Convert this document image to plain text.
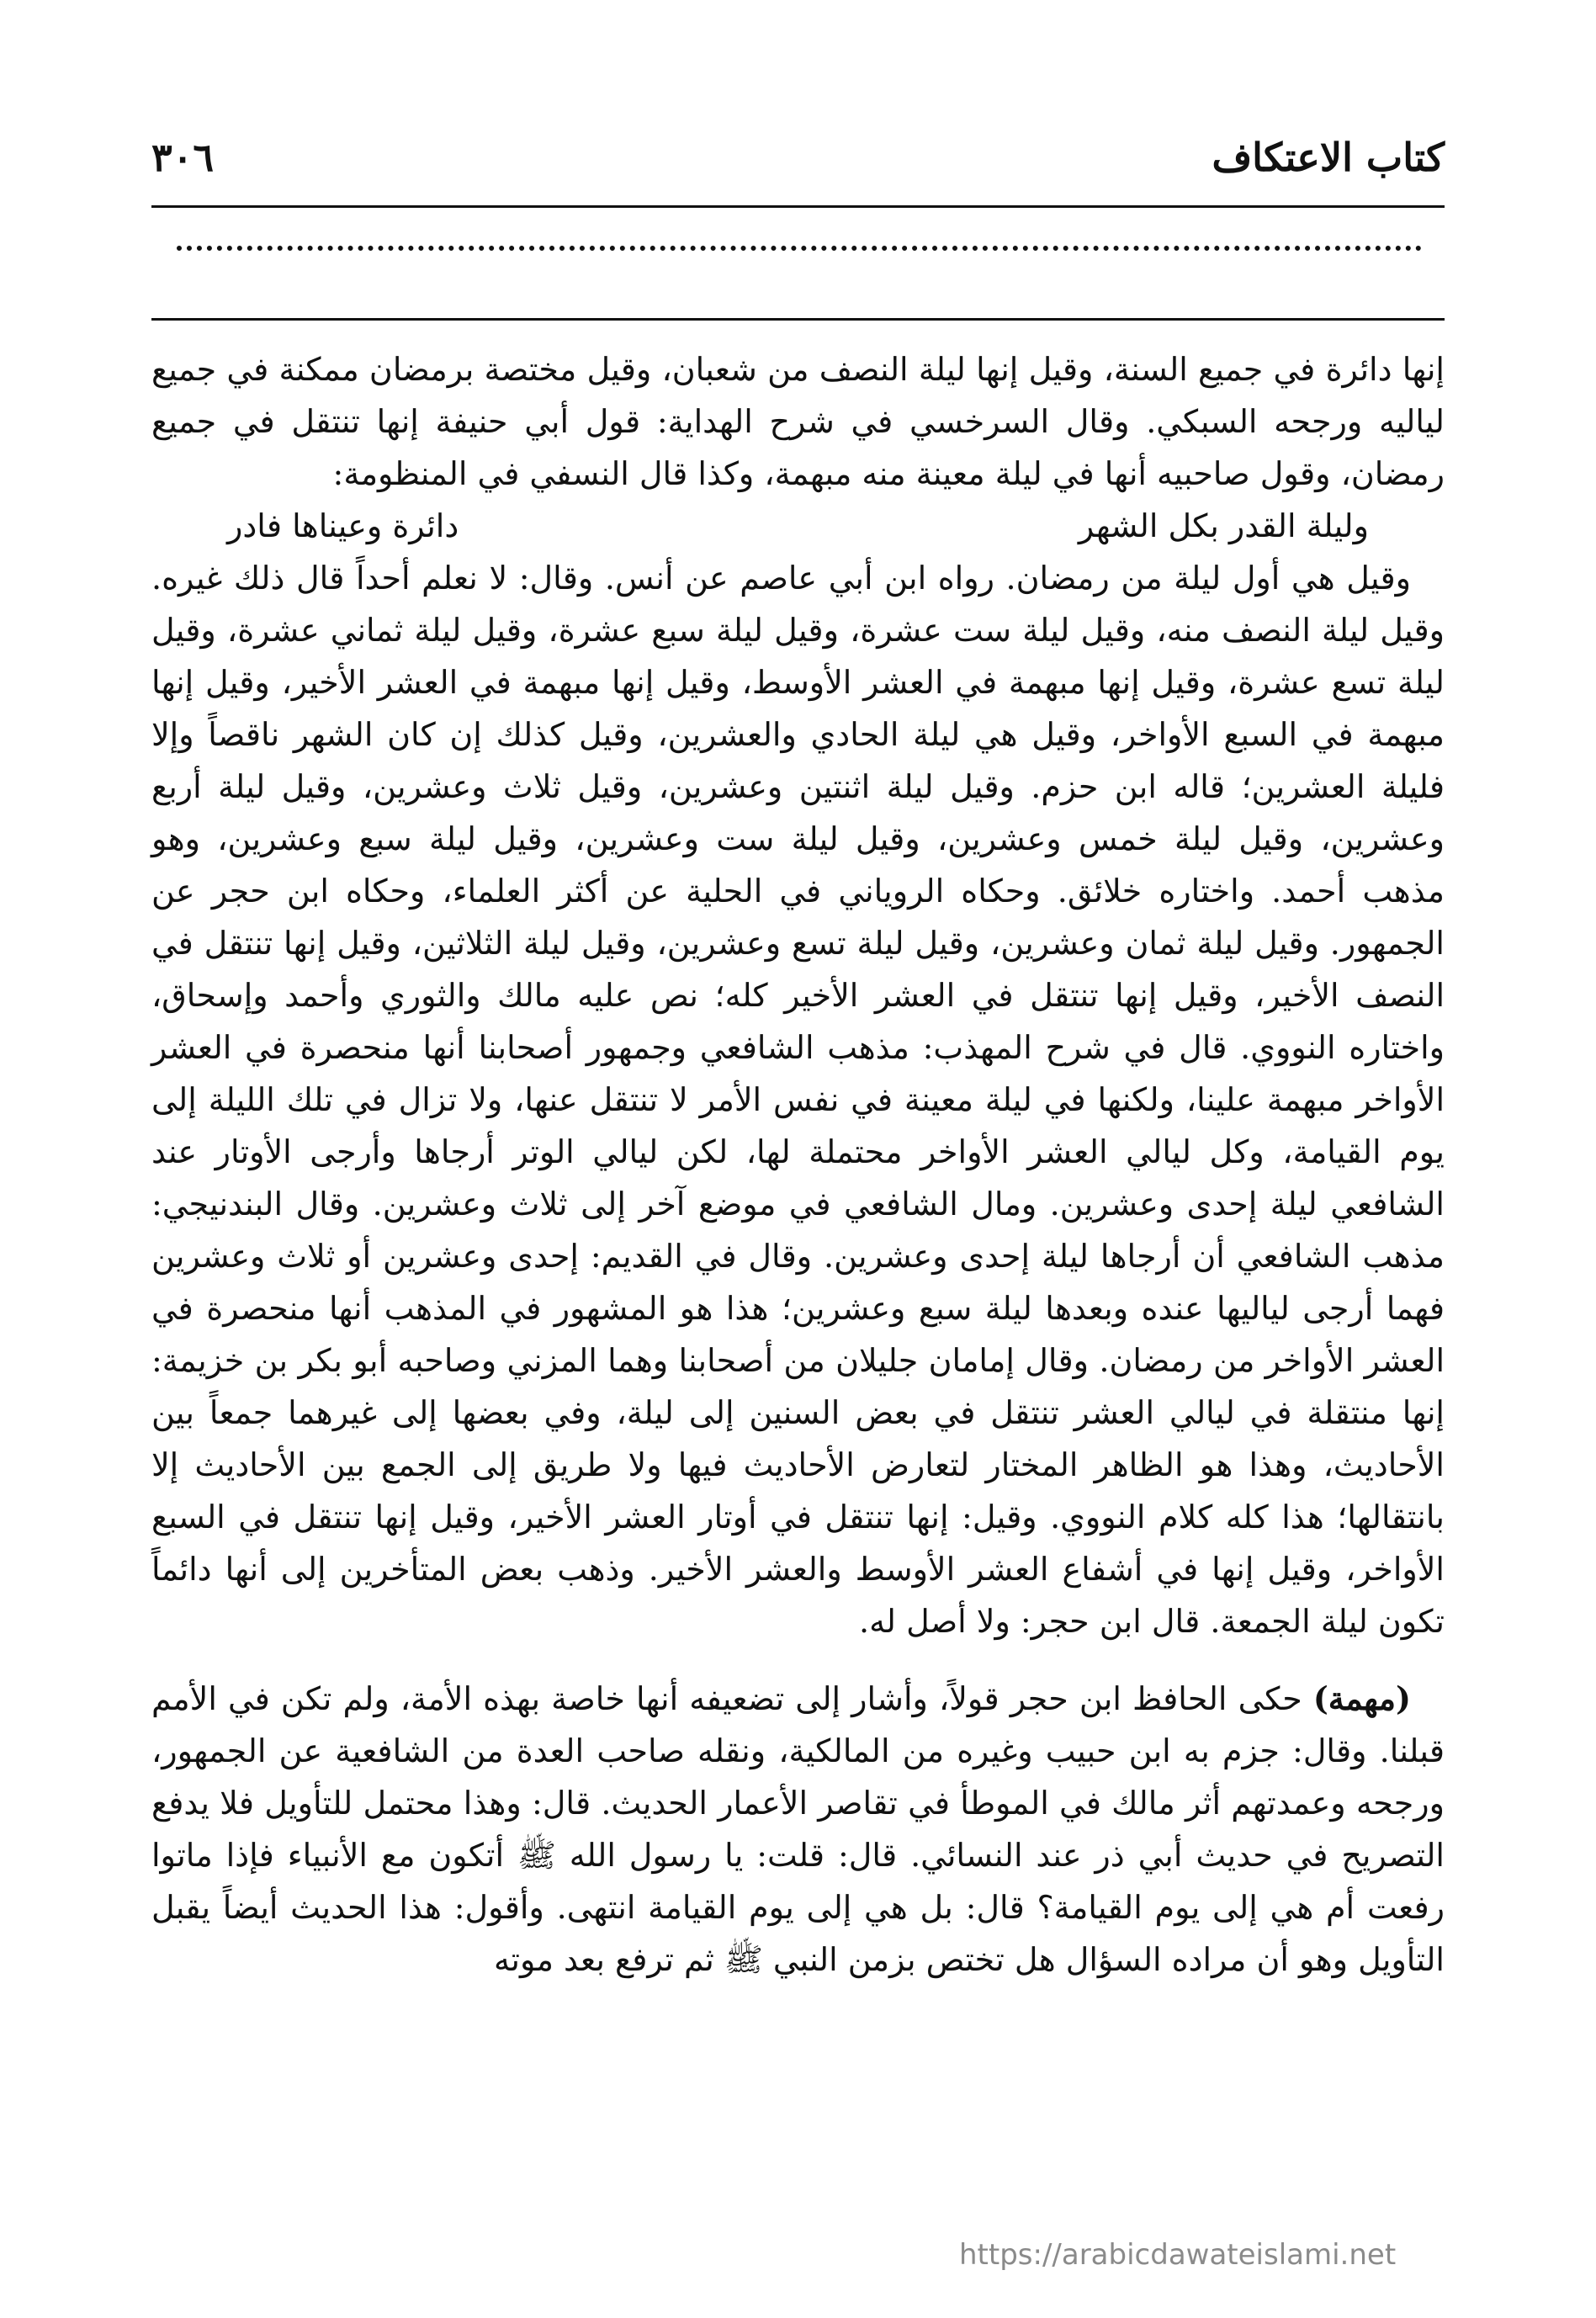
كتاب الاعتكاف
٣٠٦

إنها دائرة في جميع السنة، وقيل إنها ليلة النصف من شعبان، وقيل مختصة برمضان ممكنة في جميع لياليه ورجحه السبكي. وقال السرخسي في شرح الهداية: قول أبي حنيفة إنها تنتقل في جميع رمضان، وقول صاحبيه أنها في ليلة معينة منه مبهمة، وكذا قال النسفي في المنظومة:

وليلة القدر بكل الشهر
دائرة وعيناها فادر

وقيل هي أول ليلة من رمضان. رواه ابن أبي عاصم عن أنس. وقال: لا نعلم أحداً قال ذلك غيره. وقيل ليلة النصف منه، وقيل ليلة ست عشرة، وقيل ليلة سبع عشرة، وقيل ليلة ثماني عشرة، وقيل ليلة تسع عشرة، وقيل إنها مبهمة في العشر الأوسط، وقيل إنها مبهمة في العشر الأخير، وقيل إنها مبهمة في السبع الأواخر، وقيل هي ليلة الحادي والعشرين، وقيل كذلك إن كان الشهر ناقصاً وإلا فليلة العشرين؛ قاله ابن حزم. وقيل ليلة اثنتين وعشرين، وقيل ثلاث وعشرين، وقيل ليلة أربع وعشرين، وقيل ليلة خمس وعشرين، وقيل ليلة ست وعشرين، وقيل ليلة سبع وعشرين، وهو مذهب أحمد. واختاره خلائق. وحكاه الروياني في الحلية عن أكثر العلماء، وحكاه ابن حجر عن الجمهور. وقيل ليلة ثمان وعشرين، وقيل ليلة تسع وعشرين، وقيل ليلة الثلاثين، وقيل إنها تنتقل في النصف الأخير، وقيل إنها تنتقل في العشر الأخير كله؛ نص عليه مالك والثوري وأحمد وإسحاق، واختاره النووي. قال في شرح المهذب: مذهب الشافعي وجمهور أصحابنا أنها منحصرة في العشر الأواخر مبهمة علينا، ولكنها في ليلة معينة في نفس الأمر لا تنتقل عنها، ولا تزال في تلك الليلة إلى يوم القيامة، وكل ليالي العشر الأواخر محتملة لها، لكن ليالي الوتر أرجاها وأرجى الأوتار عند الشافعي ليلة إحدى وعشرين. ومال الشافعي في موضع آخر إلى ثلاث وعشرين. وقال البندنيجي: مذهب الشافعي أن أرجاها ليلة إحدى وعشرين. وقال في القديم: إحدى وعشرين أو ثلاث وعشرين فهما أرجى لياليها عنده وبعدها ليلة سبع وعشرين؛ هذا هو المشهور في المذهب أنها منحصرة في العشر الأواخر من رمضان. وقال إمامان جليلان من أصحابنا وهما المزني وصاحبه أبو بكر بن خزيمة: إنها منتقلة في ليالي العشر تنتقل في بعض السنين إلى ليلة، وفي بعضها إلى غيرهما جمعاً بين الأحاديث، وهذا هو الظاهر المختار لتعارض الأحاديث فيها ولا طريق إلى الجمع بين الأحاديث إلا بانتقالها؛ هذا كله كلام النووي. وقيل: إنها تنتقل في أوتار العشر الأخير، وقيل إنها تنتقل في السبع الأواخر، وقيل إنها في أشفاع العشر الأوسط والعشر الأخير. وذهب بعض المتأخرين إلى أنها دائماً تكون ليلة الجمعة. قال ابن حجر: ولا أصل له.

(مهمة) حكى الحافظ ابن حجر قولاً، وأشار إلى تضعيفه أنها خاصة بهذه الأمة، ولم تكن في الأمم قبلنا. وقال: جزم به ابن حبيب وغيره من المالكية، ونقله صاحب العدة من الشافعية عن الجمهور، ورجحه وعمدتهم أثر مالك في الموطأ في تقاصر الأعمار الحديث. قال: وهذا محتمل للتأويل فلا يدفع التصريح في حديث أبي ذر عند النسائي. قال: قلت: يا رسول الله ﷺ أتكون مع الأنبياء فإذا ماتوا رفعت أم هي إلى يوم القيامة؟ قال: بل هي إلى يوم القيامة انتهى. وأقول: هذا الحديث أيضاً يقبل التأويل وهو أن مراده السؤال هل تختص بزمن النبي ﷺ ثم ترفع بعد موته

https://arabicdawateislami.net
